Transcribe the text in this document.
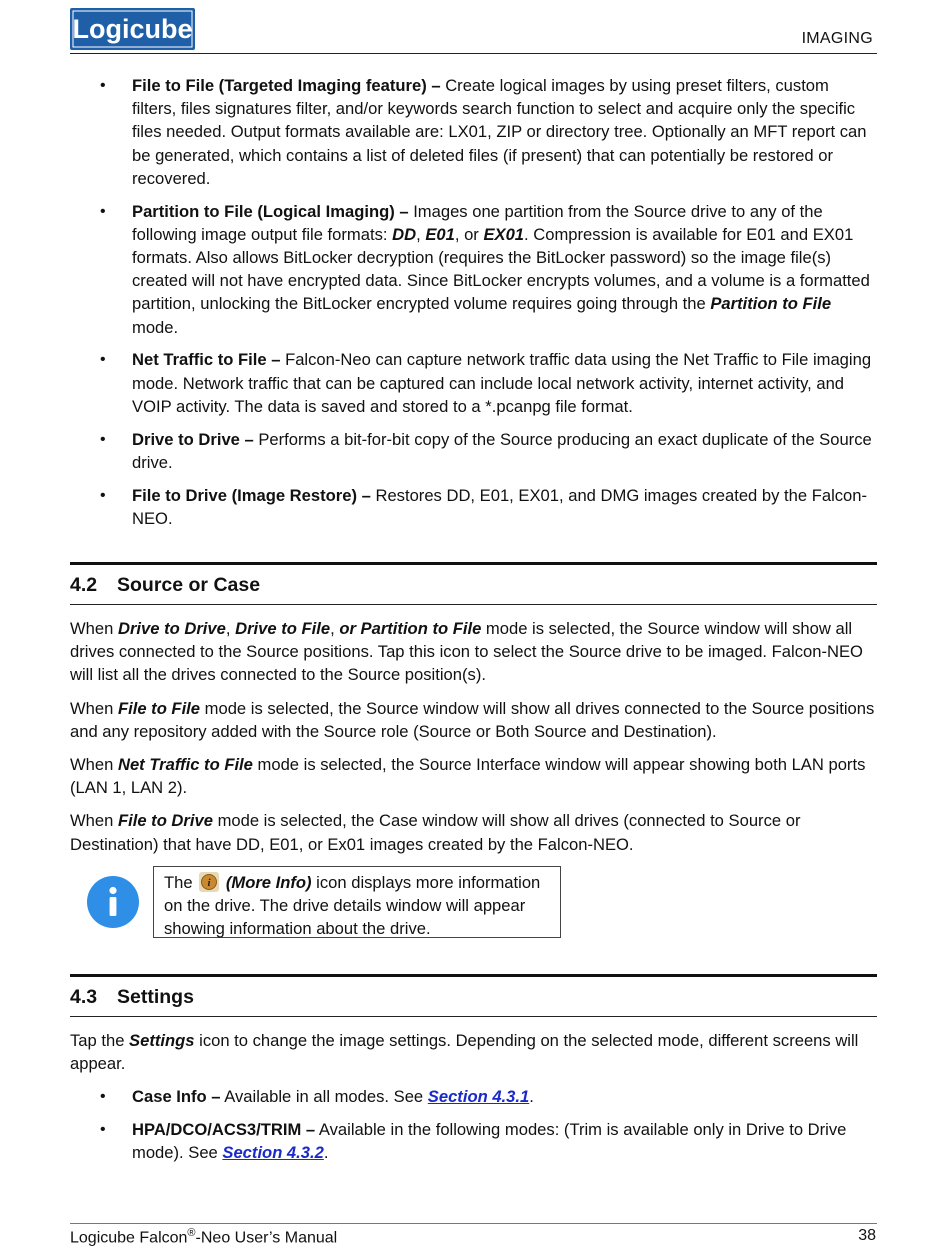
Logicube	IMAGING
• File to File (Targeted Imaging feature) – Create logical images by using preset filters, custom filters, files signatures filter, and/or keywords search function to select and acquire only the specific files needed. Output formats available are: LX01, ZIP or directory tree. Optionally an MFT report can be generated, which contains a list of deleted files (if present) that can potentially be restored or recovered.
• Partition to File (Logical Imaging) – Images one partition from the Source drive to any of the following image output file formats: DD, E01, or EX01. Compression is available for E01 and EX01 formats. Also allows BitLocker decryption (requires the BitLocker password) so the image file(s) created will not have encrypted data. Since BitLocker encrypts volumes, and a volume is a formatted partition, unlocking the BitLocker encrypted volume requires going through the Partition to File mode.
• Net Traffic to File – Falcon-Neo can capture network traffic data using the Net Traffic to File imaging mode. Network traffic that can be captured can include local network activity, internet activity, and VOIP activity. The data is saved and stored to a *.pcanpg file format.
• Drive to Drive – Performs a bit-for-bit copy of the Source producing an exact duplicate of the Source drive.
• File to Drive (Image Restore) – Restores DD, E01, EX01, and DMG images created by the Falcon-NEO.
4.2 Source or Case

When Drive to Drive, Drive to File, or Partition to File mode is selected, the Source window will show all drives connected to the Source positions. Tap this icon to select the Source drive to be imaged. Falcon-NEO will list all the drives connected to the Source position(s).

When File to File mode is selected, the Source window will show all drives connected to the Source positions and any repository added with the Source role (Source or Both Source and Destination).

When Net Traffic to File mode is selected, the Source Interface window will appear showing both LAN ports (LAN 1, LAN 2).

When File to Drive mode is selected, the Case window will show all drives (connected to Source or Destination) that have DD, E01, or Ex01 images created by the Falcon-NEO.

The i (More Info) icon displays more information on the drive. The drive details window will appear showing information about the drive.
4.3 Settings

Tap the Settings icon to change the image settings. Depending on the selected mode, different screens will appear.

• Case Info – Available in all modes. See Section 4.3.1.
• HPA/DCO/ACS3/TRIM – Available in the following modes: (Trim is available only in Drive to Drive mode). See Section 4.3.2.
Logicube Falcon®-Neo User’s Manual	38
